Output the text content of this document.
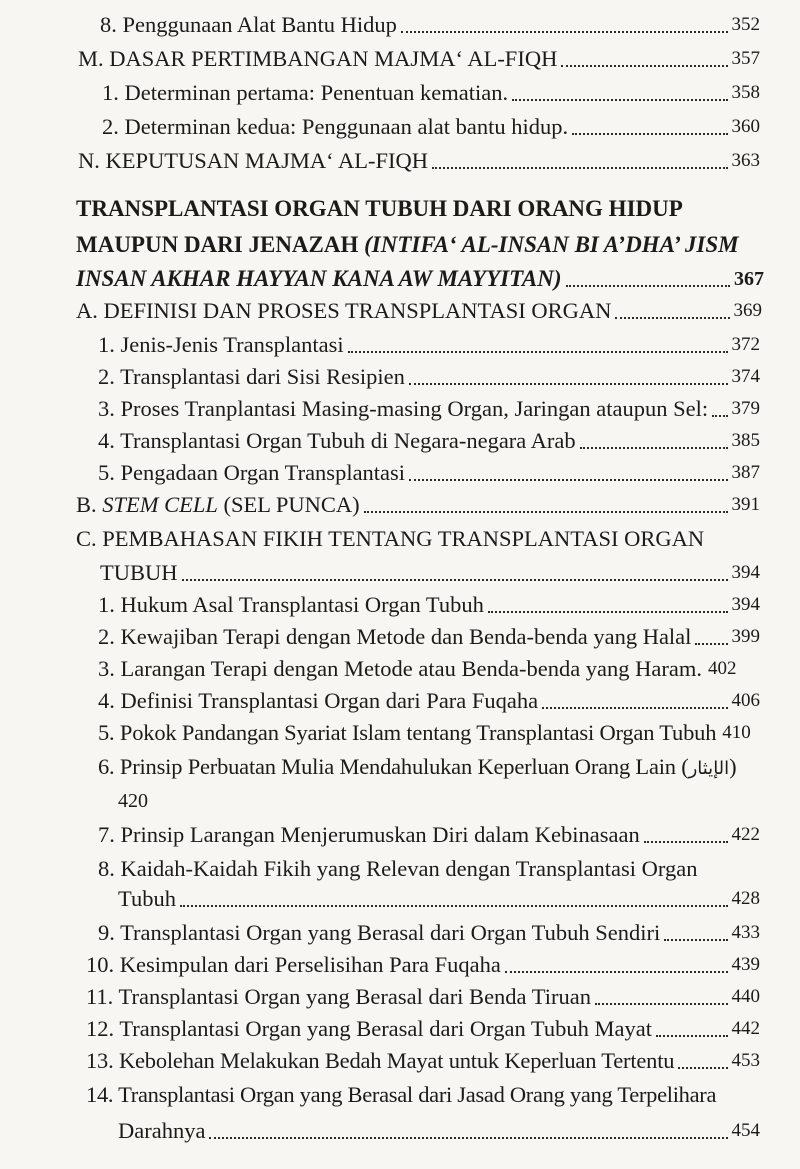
8. Penggunaan Alat Bantu Hidup	352
M. DASAR PERTIMBANGAN MAJMA‘ AL-FIQH	357
1. Determinan pertama: Penentuan kematian.	358
2. Determinan kedua: Penggunaan alat bantu hidup.	360
N. KEPUTUSAN MAJMA‘ AL-FIQH	363
TRANSPLANTASI ORGAN TUBUH DARI ORANG HIDUP
MAUPUN DARI JENAZAH (INTIFA‘ AL-INSAN BI A’DHA’ JISM
INSAN AKHAR HAYYAN KANA AW MAYYITAN)	367
A. DEFINISI DAN PROSES TRANSPLANTASI ORGAN	369
1. Jenis-Jenis Transplantasi	372
2. Transplantasi dari Sisi Resipien	374
3. Proses Tranplantasi Masing-masing Organ, Jaringan ataupun Sel: 379
4. Transplantasi Organ Tubuh di Negara-negara Arab	385
5. Pengadaan Organ Transplantasi	387
B. STEM CELL (SEL PUNCA)	391
C. PEMBAHASAN FIKIH TENTANG TRANSPLANTASI ORGAN
TUBUH	394
1. Hukum Asal Transplantasi Organ Tubuh	394
2. Kewajiban Terapi dengan Metode dan Benda-benda yang Halal 399
3. Larangan Terapi dengan Metode atau Benda-benda yang Haram. 402
4. Definisi Transplantasi Organ dari Para Fuqaha	406
5. Pokok Pandangan Syariat Islam tentang Transplantasi Organ Tubuh 410
6. Prinsip Perbuatan Mulia Mendahulukan Keperluan Orang Lain (الإيثار)
420
7. Prinsip Larangan Menjerumuskan Diri dalam Kebinasaan	422
8. Kaidah-Kaidah Fikih yang Relevan dengan Transplantasi Organ
Tubuh	428
9. Transplantasi Organ yang Berasal dari Organ Tubuh Sendiri	433
10. Kesimpulan dari Perselisihan Para Fuqaha	439
11. Transplantasi Organ yang Berasal dari Benda Tiruan	440
12. Transplantasi Organ yang Berasal dari Organ Tubuh Mayat	442
13. Kebolehan Melakukan Bedah Mayat untuk Keperluan Tertentu	453
14. Transplantasi Organ yang Berasal dari Jasad Orang yang Terpelihara
Darahnya	454
